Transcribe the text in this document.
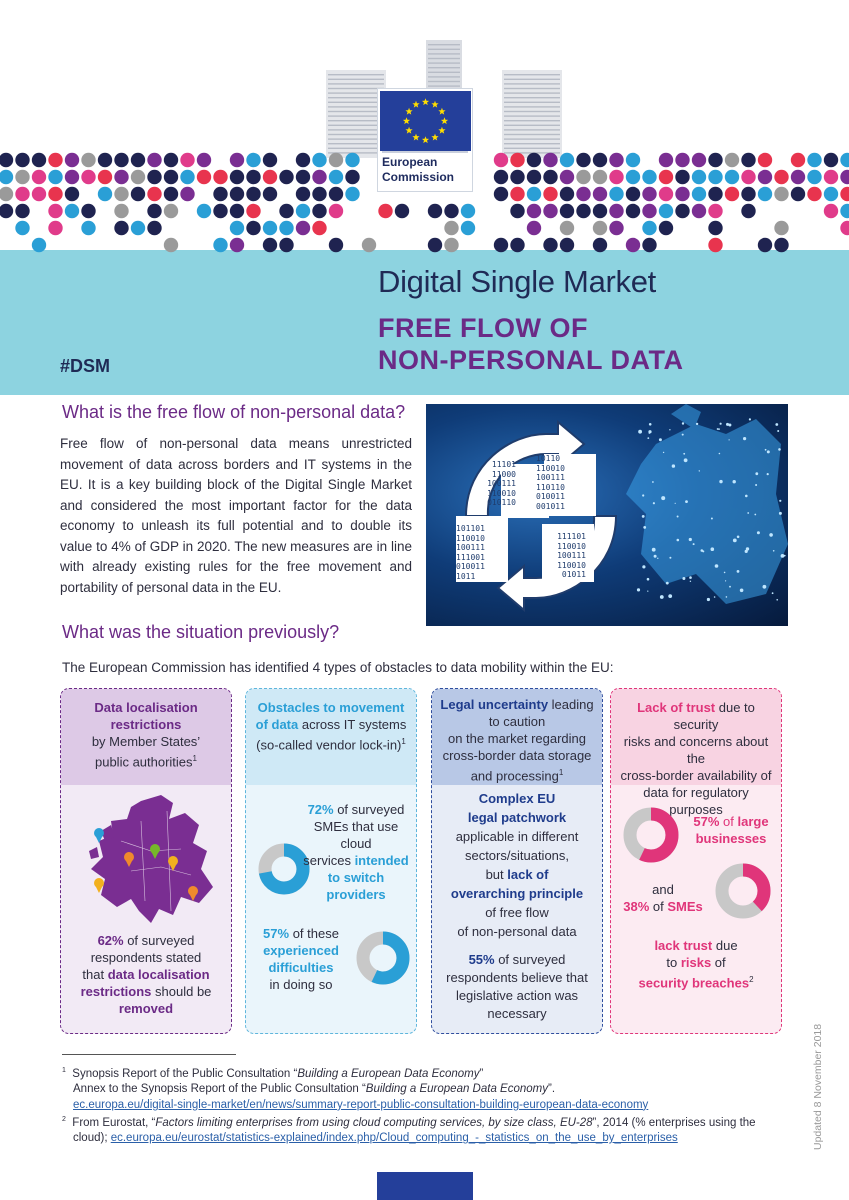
European
Commission
Digital Single Market
FREE FLOW OF
NON-PERSONAL DATA
#DSM
What is the free flow of non-personal data?
Free flow of non-personal data means unrestricted movement of data across borders and IT systems in the EU. It is a key building block of the Digital Single Market and considered the most important factor for the data economy to unleash its full potential and to double its value to 4% of GDP in 2020. The new measures are in line with already existing rules for the free movement and portability of personal data in the EU.
11101
11000
100111
110010
010110
10110
110010
100111
110110
010011
001011
101101
110010
100111
111001
010011
1011
111101
110010
100111
110010
01011
What was the situation previously?
The European Commission has identified 4 types of obstacles to data mobility within the EU:
Data localisation
restrictions
by Member States’
public authorities$^1$
62% of surveyed
respondents stated
that data localisation
restrictions should be
removed
Obstacles to movement
of data across IT systems
(so-called vendor lock-in)$^1$
72% of surveyed
SMEs that use cloud
services intended
to switch
providers
57% of these
experienced
difficulties
in doing so
Legal uncertainty leading
to caution
on the market regarding
cross-border data storage
and processing$^1$
Complex EU
legal patchwork
applicable in different
sectors/situations,
but lack of
overarching principle
of free flow
of non-personal data
55% of surveyed
respondents believe that
legislative action was
necessary
Lack of trust due to security
risks and concerns about the
cross-border availability of
data for regulatory purposes
57% of large
businesses
and
38% of SMEs
lack trust due
to risks of
security breaches$^2$
$^1$ Synopsis Report of the Public Consultation “Building a European Data Economy”
Annex to the Synopsis Report of the Public Consultation “Building a European Data Economy”.
ec.europa.eu/digital-single-market/en/news/summary-report-public-consultation-building-european-data-economy
$^2$ From Eurostat, “Factors limiting enterprises from using cloud computing services, by size class, EU-28”, 2014 (% enterprises using the
cloud); ec.europa.eu/eurostat/statistics-explained/index.php/Cloud_computing_-_statistics_on_the_use_by_enterprises	Updated 8 November 2018
